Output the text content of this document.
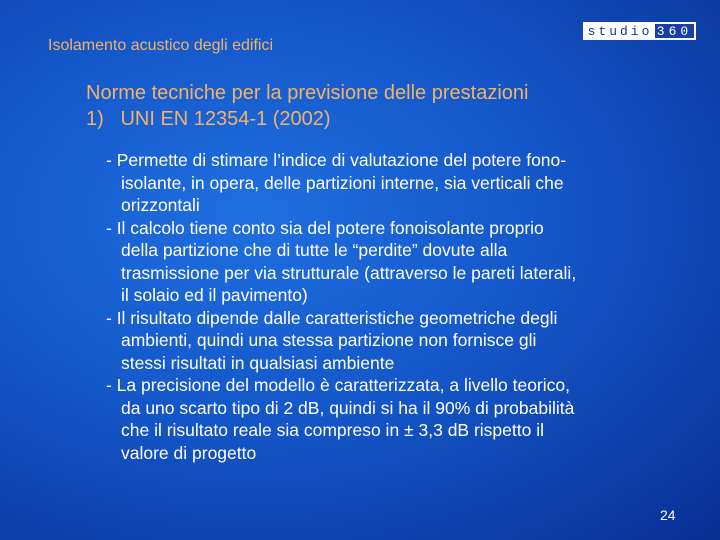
Isolamento acustico degli edifici
studio 360
Norme tecniche per la previsione delle prestazioni
1)   UNI EN 12354-1 (2002)
- Permette di stimare l’indice di valutazione del potere fono-
isolante, in opera, delle partizioni interne, sia verticali che
orizzontali
- Il calcolo tiene conto sia del potere fonoisolante proprio
della partizione che di tutte le “perdite” dovute alla
trasmissione per via strutturale (attraverso le pareti laterali,
il solaio ed il pavimento)
- Il risultato dipende dalle caratteristiche geometriche degli
ambienti, quindi una stessa partizione non fornisce gli
stessi risultati in qualsiasi ambiente
- La precisione del modello è caratterizzata, a livello teorico,
da uno scarto tipo di 2 dB, quindi si ha il 90% di probabilità
che il risultato reale sia compreso in ± 3,3 dB rispetto il
valore di progetto
24
